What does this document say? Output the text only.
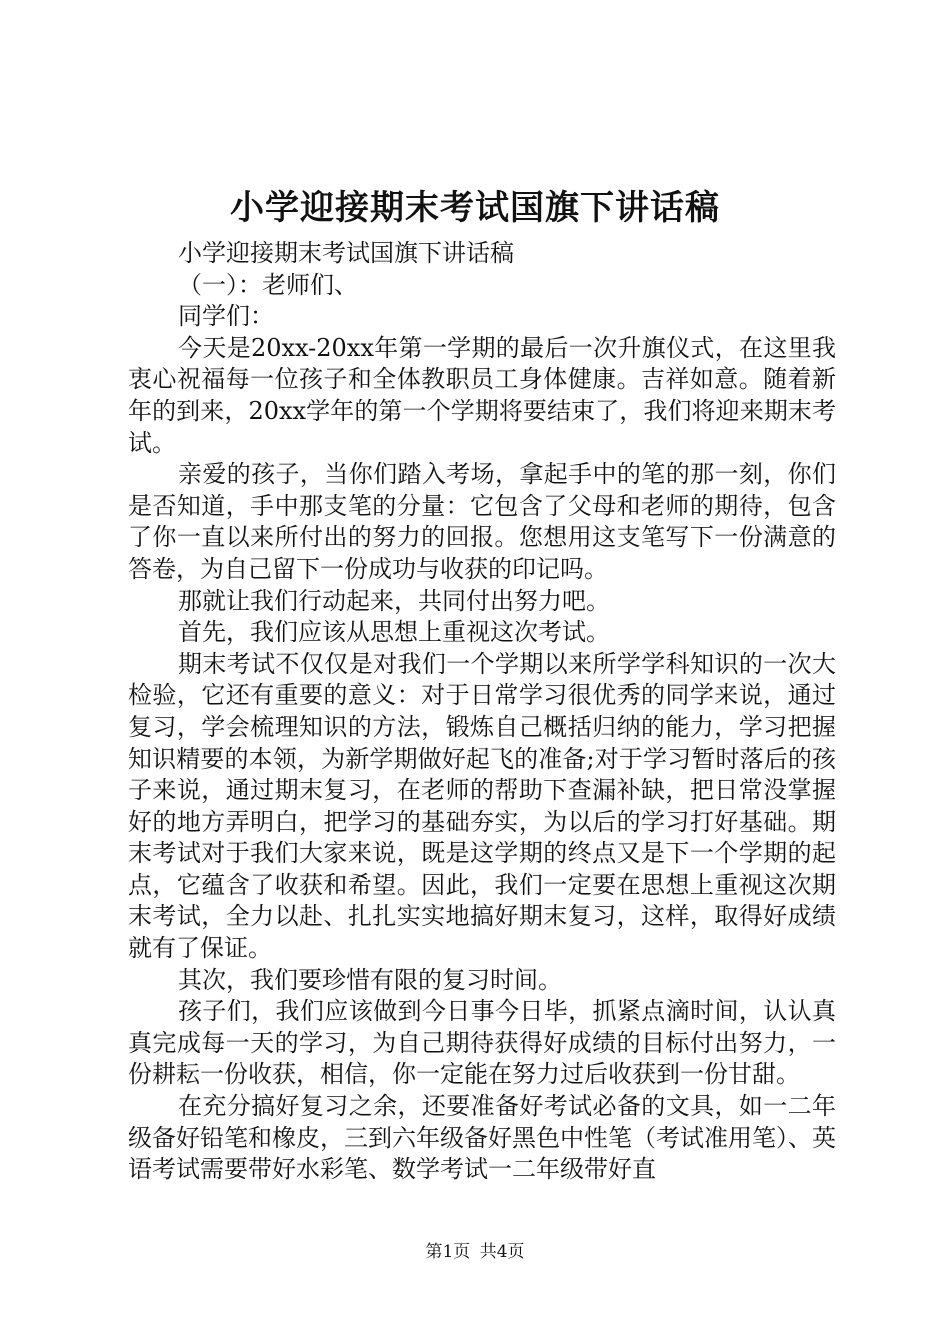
小学迎接期末考试国旗下讲话稿

小学迎接期末考试国旗下讲话稿

（一）：老师们、

同学们：

今天是20xx-20xx年第一学期的最后一次升旗仪式，在这里我衷心祝福每一位孩子和全体教职员工身体健康。吉祥如意。随着新年的到来，20xx学年的第一个学期将要结束了，我们将迎来期末考试。

亲爱的孩子，当你们踏入考场，拿起手中的笔的那一刻，你们是否知道，手中那支笔的分量：它包含了父母和老师的期待，包含了你一直以来所付出的努力的回报。您想用这支笔写下一份满意的答卷，为自己留下一份成功与收获的印记吗。

那就让我们行动起来，共同付出努力吧。

首先，我们应该从思想上重视这次考试。

期末考试不仅仅是对我们一个学期以来所学学科知识的一次大检验，它还有重要的意义：对于日常学习很优秀的同学来说，通过复习，学会梳理知识的方法，锻炼自己概括归纳的能力，学习把握知识精要的本领，为新学期做好起飞的准备;对于学习暂时落后的孩子来说，通过期末复习，在老师的帮助下查漏补缺，把日常没掌握好的地方弄明白，把学习的基础夯实，为以后的学习打好基础。期末考试对于我们大家来说，既是这学期的终点又是下一个学期的起点，它蕴含了收获和希望。因此，我们一定要在思想上重视这次期末考试，全力以赴、扎扎实实地搞好期末复习，这样，取得好成绩就有了保证。

其次，我们要珍惜有限的复习时间。

孩子们，我们应该做到今日事今日毕，抓紧点滴时间，认认真真完成每一天的学习，为自己期待获得好成绩的目标付出努力，一份耕耘一份收获，相信，你一定能在努力过后收获到一份甘甜。

在充分搞好复习之余，还要准备好考试必备的文具，如一二年级备好铅笔和橡皮，三到六年级备好黑色中性笔（考试准用笔）、英语考试需要带好水彩笔、数学考试一二年级带好直

第1页 共4页
